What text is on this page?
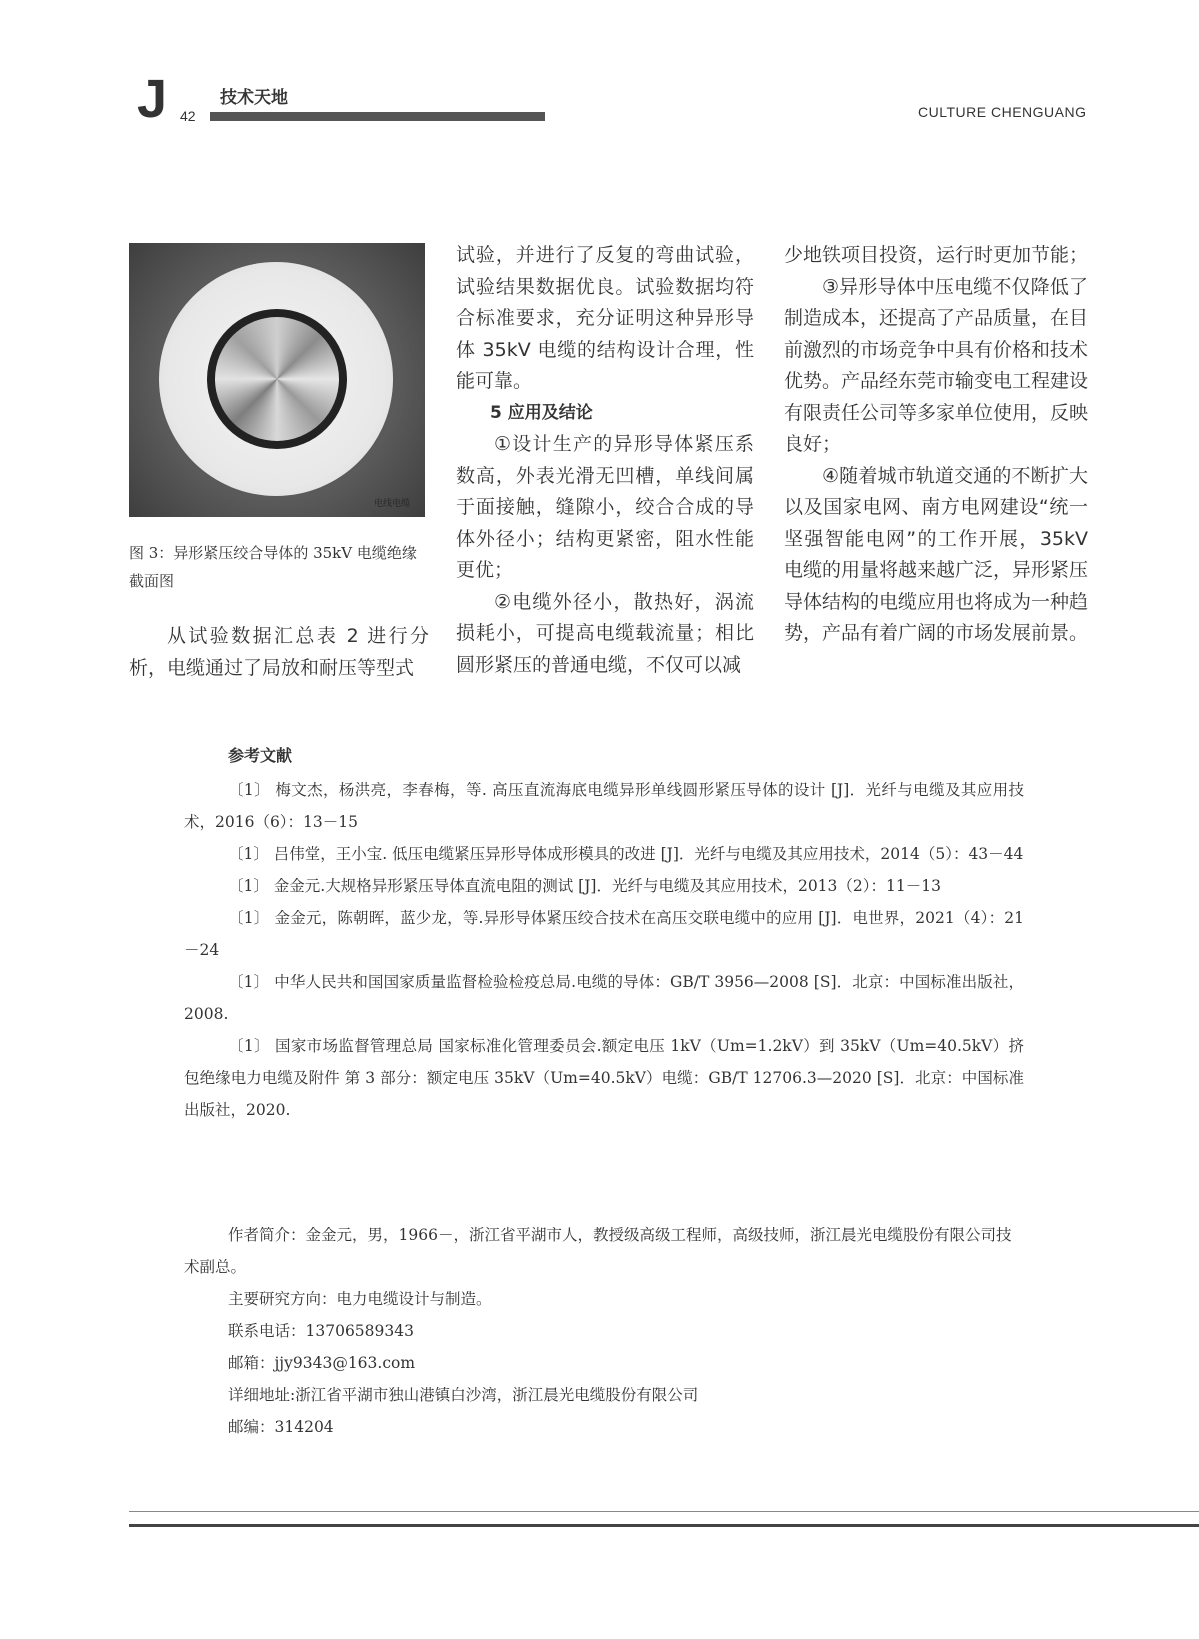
J 42
技术天地
CULTURE CHENGUANG
电线电缆
图 3：异形紧压绞合导体的 35kV 电缆绝缘截面图

从试验数据汇总表 2 进行分析，电缆通过了局放和耐压等型式

试验，并进行了反复的弯曲试验，试验结果数据优良。试验数据均符合标准要求，充分证明这种异形导体 35kV 电缆的结构设计合理，性能可靠。

5 应用及结论

①设计生产的异形导体紧压系数高，外表光滑无凹槽，单线间属于面接触，缝隙小，绞合合成的导体外径小；结构更紧密，阻水性能更优；

②电缆外径小，散热好，涡流损耗小，可提高电缆载流量；相比圆形紧压的普通电缆，不仅可以减

少地铁项目投资，运行时更加节能；

③异形导体中压电缆不仅降低了制造成本，还提高了产品质量，在目前激烈的市场竞争中具有价格和技术优势。产品经东莞市输变电工程建设有限责任公司等多家单位使用，反映良好；

④随着城市轨道交通的不断扩大以及国家电网、南方电网建设“统一坚强智能电网”的工作开展，35kV 电缆的用量将越来越广泛，异形紧压导体结构的电缆应用也将成为一种趋势，产品有着广阔的市场发展前景。

参考文献

〔1〕 梅文杰，杨洪亮，李春梅，等. 高压直流海底电缆异形单线圆形紧压导体的设计 [J]．光纤与电缆及其应用技术，2016（6）：13－15

〔1〕 吕伟堂，王小宝. 低压电缆紧压异形导体成形模具的改进 [J]．光纤与电缆及其应用技术，2014（5）：43－44

〔1〕 金金元.大规格异形紧压导体直流电阻的测试 [J]．光纤与电缆及其应用技术，2013（2）：11－13

〔1〕 金金元，陈朝晖，蓝少龙，等.异形导体紧压绞合技术在高压交联电缆中的应用 [J]．电世界，2021（4）：21－24

〔1〕 中华人民共和国国家质量监督检验检疫总局.电缆的导体：GB/T 3956—2008 [S]．北京：中国标准出版社，2008.

〔1〕 国家市场监督管理总局 国家标准化管理委员会.额定电压 1kV（Um=1.2kV）到 35kV（Um=40.5kV）挤包绝缘电力电缆及附件 第 3 部分：额定电压 35kV（Um=40.5kV）电缆：GB/T 12706.3—2020 [S]．北京：中国标准出版社，2020.

作者简介：金金元，男，1966－，浙江省平湖市人，教授级高级工程师，高级技师，浙江晨光电缆股份有限公司技术副总。

主要研究方向：电力电缆设计与制造。

联系电话：13706589343

邮箱：jjy9343@163.com

详细地址:浙江省平湖市独山港镇白沙湾，浙江晨光电缆股份有限公司

邮编：314204
